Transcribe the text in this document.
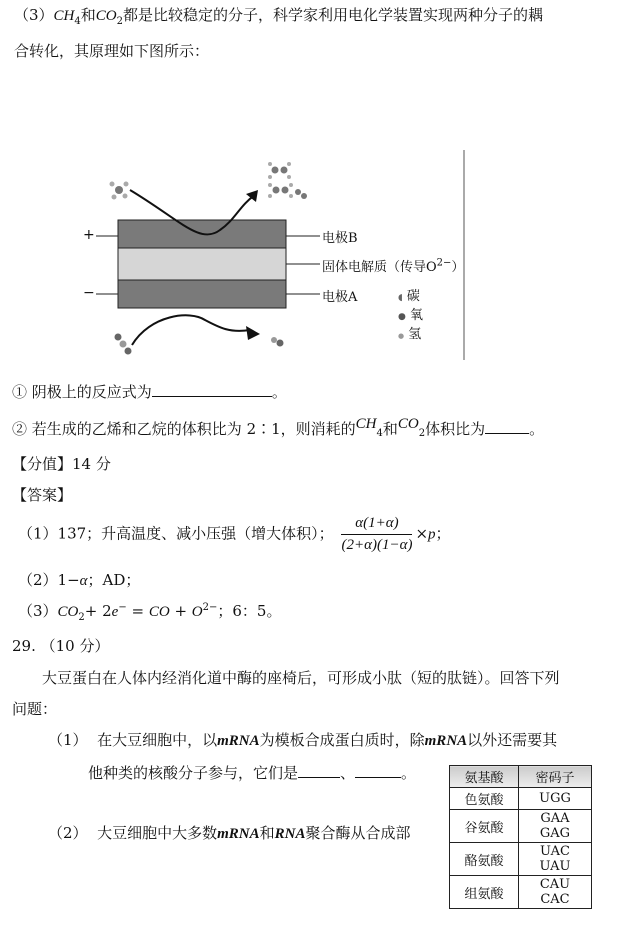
$(3)CH_4$和$CO_2$都是比较稳定的分子，科学家利用电化学装置实现两种分子的耦
合转化，其原理如下图所示：
+
−
电极B
固体电解质（传导$O^{2-}$）
电极A	◖ 碳
● 氧
● 氢
① 阴极上的反应式为	。
② 若生成的乙烯和乙烷的体积比为 2∶1，则消耗的$CH_4$和$CO_2$体积比为	。
【分值】14 分
【答案】
（1）137；升高温度、减小压强（增大体积）； $\frac{\alpha(1+\alpha)}{(2+\alpha)(1-\alpha)} \times p$；
（2）1−α；AD；
$(3)CO_2+ 2e^-$ = CO + $O^{2-}$；6：5。
29. （10 分）
大豆蛋白在人体内经消化道中酶的座椅后，可形成小肽（短的肽链）。回答下列
问题：
（1） 在大豆细胞中，以mRNA为模板合成蛋白质时，除mRNA以外还需要其
他种类的核酸分子参与，它们是	、	。
（2） 大豆细胞中大多数mRNA和RNA聚合酶从合成部
氨基酸	密码子
色氨酸	UGG
谷氨酸	GAA
GAG
酪氨酸	UAC
UAU
组氨酸	CAU
CAC
